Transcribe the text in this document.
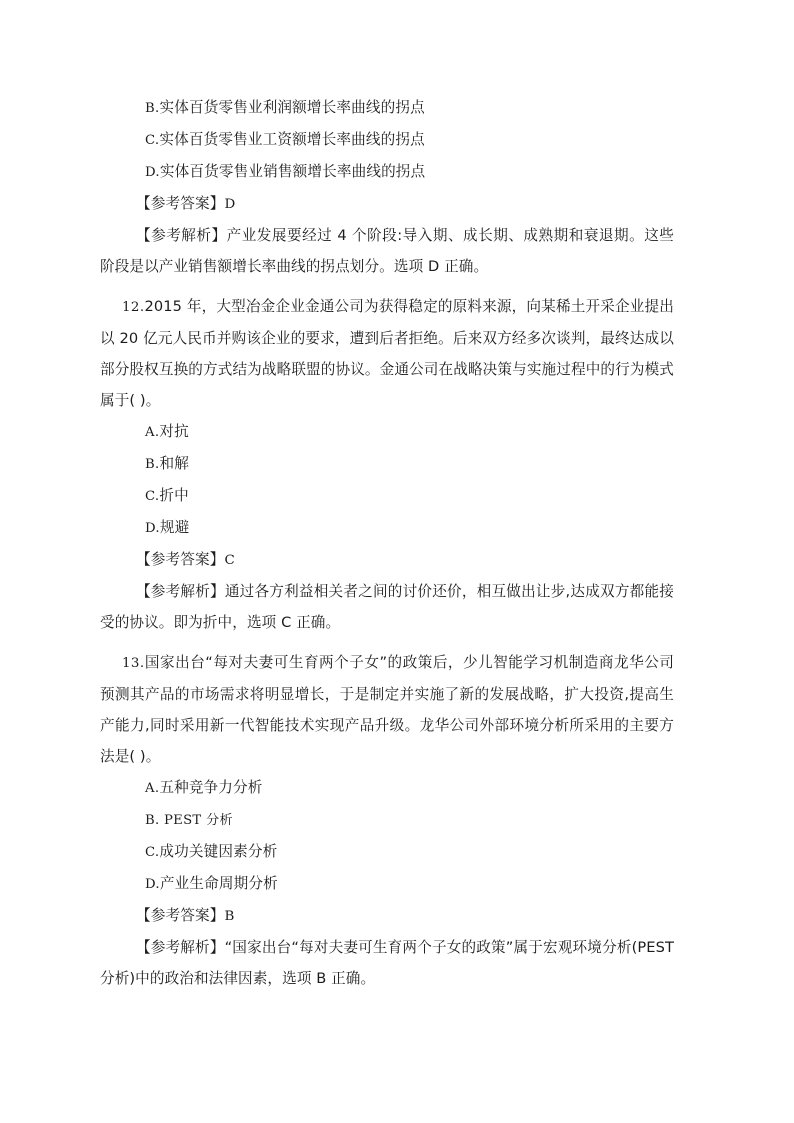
B.实体百货零售业利润额增长率曲线的拐点
C.实体百货零售业工资额增长率曲线的拐点
D.实体百货零售业销售额增长率曲线的拐点
【参考答案】D

【参考解析】产业发展要经过 4 个阶段:导入期、成长期、成熟期和衰退期。这些阶段是以产业销售额增长率曲线的拐点划分。选项 D 正确。

12.2015 年，大型冶金企业金通公司为获得稳定的原料来源，向某稀土开采企业提出以 20 亿元人民币并购该企业的要求，遭到后者拒绝。后来双方经多次谈判，最终达成以部分股权互换的方式结为战略联盟的协议。金通公司在战略决策与实施过程中的行为模式属于( )。

A.对抗
B.和解
C.折中
D.规避
【参考答案】C

【参考解析】通过各方利益相关者之间的讨价还价，相互做出让步,达成双方都能接受的协议。即为折中，选项 C 正确。

13.国家出台“每对夫妻可生育两个子女”的政策后，少儿智能学习机制造商龙华公司预测其产品的市场需求将明显增长，于是制定并实施了新的发展战略，扩大投资,提高生产能力,同时采用新一代智能技术实现产品升级。龙华公司外部环境分析所采用的主要方法是( )。

A.五种竞争力分析
B. PEST 分析
C.成功关键因素分析
D.产业生命周期分析
【参考答案】B

【参考解析】“国家出台“每对夫妻可生育两个子女的政策”属于宏观环境分析(PEST 分析)中的政治和法律因素，选项 B 正确。
